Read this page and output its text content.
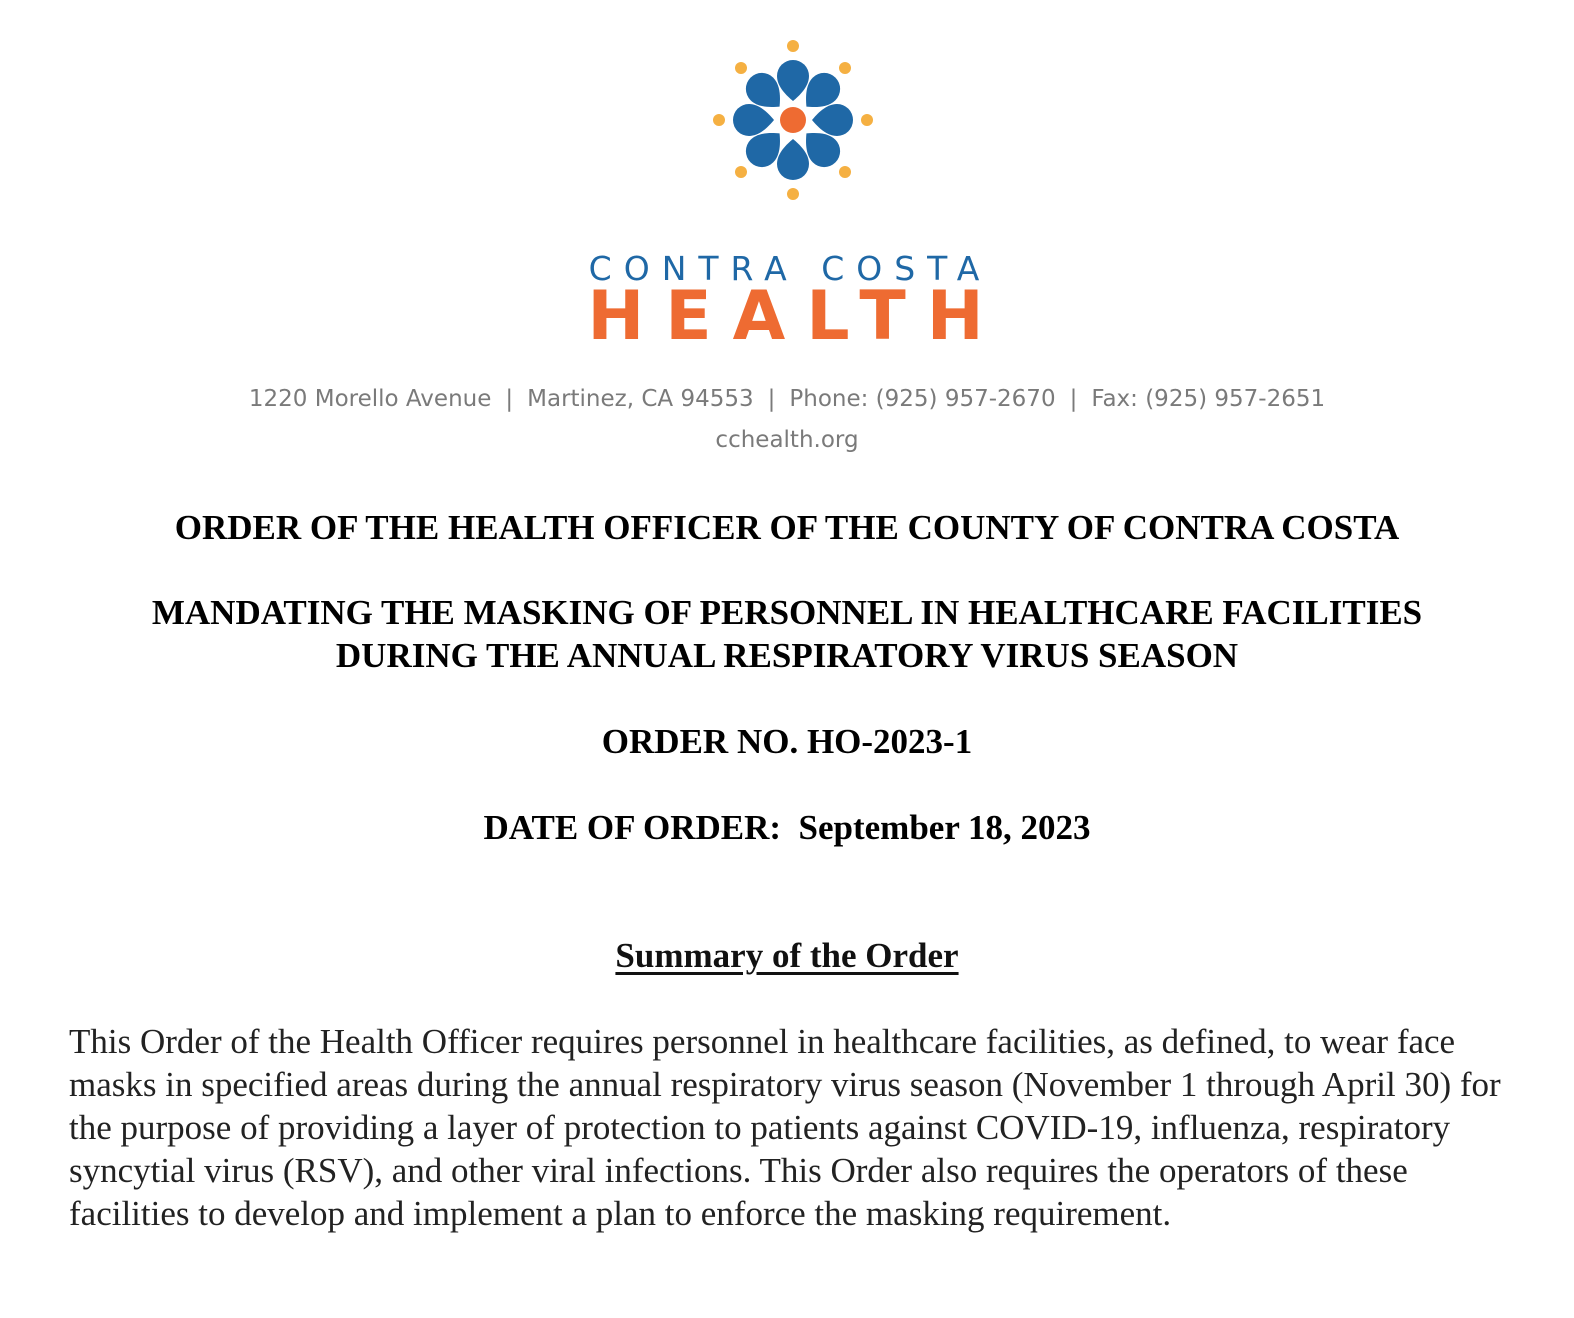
CONTRA COSTA
HEALTH
1220 Morello Avenue | Martinez, CA 94553 | Phone: (925) 957-2670 | Fax: (925) 957-2651
cchealth.org
ORDER OF THE HEALTH OFFICER OF THE COUNTY OF CONTRA COSTA
MANDATING THE MASKING OF PERSONNEL IN HEALTHCARE FACILITIES
DURING THE ANNUAL RESPIRATORY VIRUS SEASON
ORDER NO. HO-2023-1
DATE OF ORDER: September 18, 2023
Summary of the Order

This Order of the Health Officer requires personnel in healthcare facilities, as defined, to wear face masks in specified areas during the annual respiratory virus season (November 1 through April 30) for the purpose of providing a layer of protection to patients against COVID-19, influenza, respiratory syncytial virus (RSV), and other viral infections. This Order also requires the operators of these facilities to develop and implement a plan to enforce the masking requirement.
